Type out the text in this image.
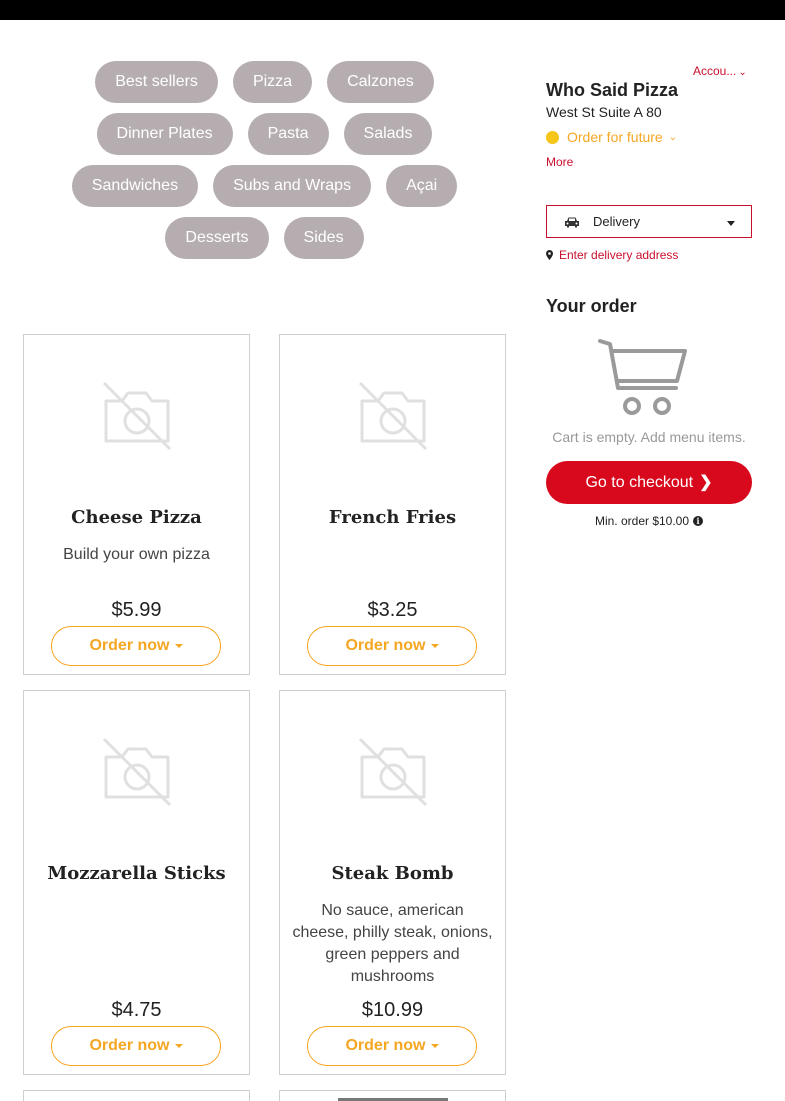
Best sellers	Pizza	Calzones
Dinner Plates	Pasta	Salads
Sandwiches	Subs and Wraps	Açai
Desserts	Sides
Cheese Pizza
Build your own pizza
$5.99
Order now
French Fries
$3.25
Order now
Mozzarella Sticks
$4.75
Order now
Steak Bomb
No sauce, american cheese, philly steak, onions, green peppers and mushrooms
$10.99
Order now
Accou... ⌄
Who Said Pizza
West St Suite A 80
Order for future ⌄
More
Delivery
Enter delivery address
Your order
Cart is empty. Add menu items.
Go to checkout ❯
Min. order $10.00 i
